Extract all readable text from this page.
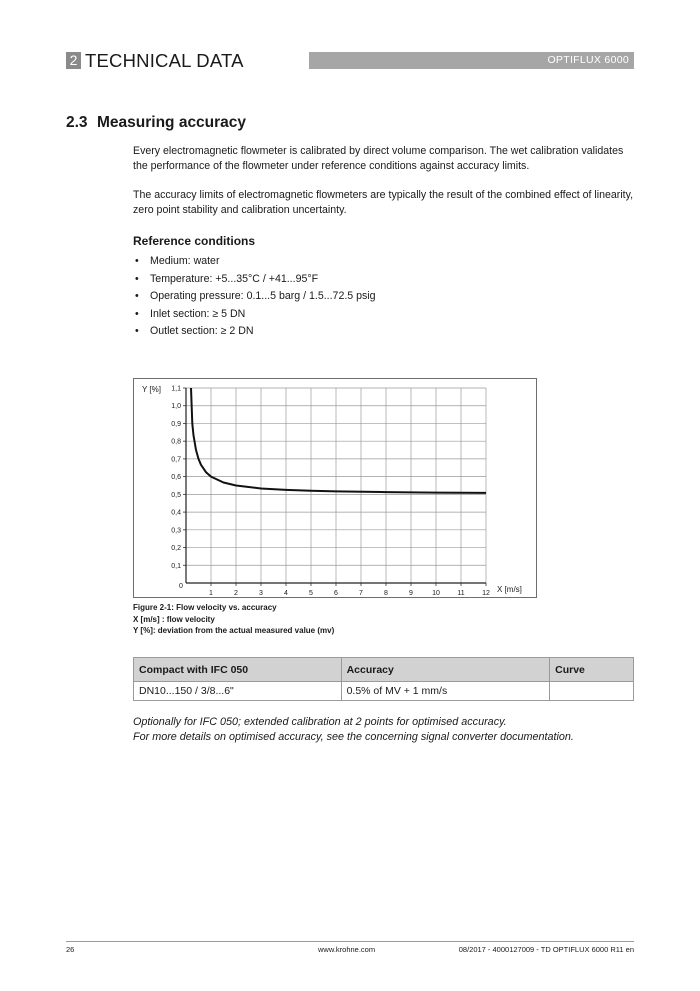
2 TECHNICAL DATA	OPTIFLUX 6000
2.3 Measuring accuracy

Every electromagnetic flowmeter is calibrated by direct volume comparison. The wet calibration validates the performance of the flowmeter under reference conditions against accuracy limits.

The accuracy limits of electromagnetic flowmeters are typically the result of the combined effect of linearity, zero point stability and calibration uncertainty.

Reference conditions

• Medium: water
• Temperature: +5...35°C / +41...95°F
• Operating pressure: 0.1...5 barg / 1.5...72.5 psig
• Inlet section: ≥ 5 DN
• Outlet section: ≥ 2 DN
1	2	3	4	5	6	7	8	9	10 11 12
0,1
0,2
0,3
0,4
0,5
0,6
0,7
0,8
0,9
1,0
1,1
Y [%]
X [m/s]
0
Figure 2-1: Flow velocity vs. accuracy
X [m/s] : flow velocity
Y [%]: deviation from the actual measured value (mv)
Compact with IFC 050	Accuracy	Curve
DN10...150 / 3/8...6"	0.5% of MV + 1 mm/s	
Optionally for IFC 050; extended calibration at 2 points for optimised accuracy.
For more details on optimised accuracy, see the concerning signal converter documentation.
26	www.krohne.com	08/2017 - 4000127009 - TD OPTIFLUX 6000 R11 en
